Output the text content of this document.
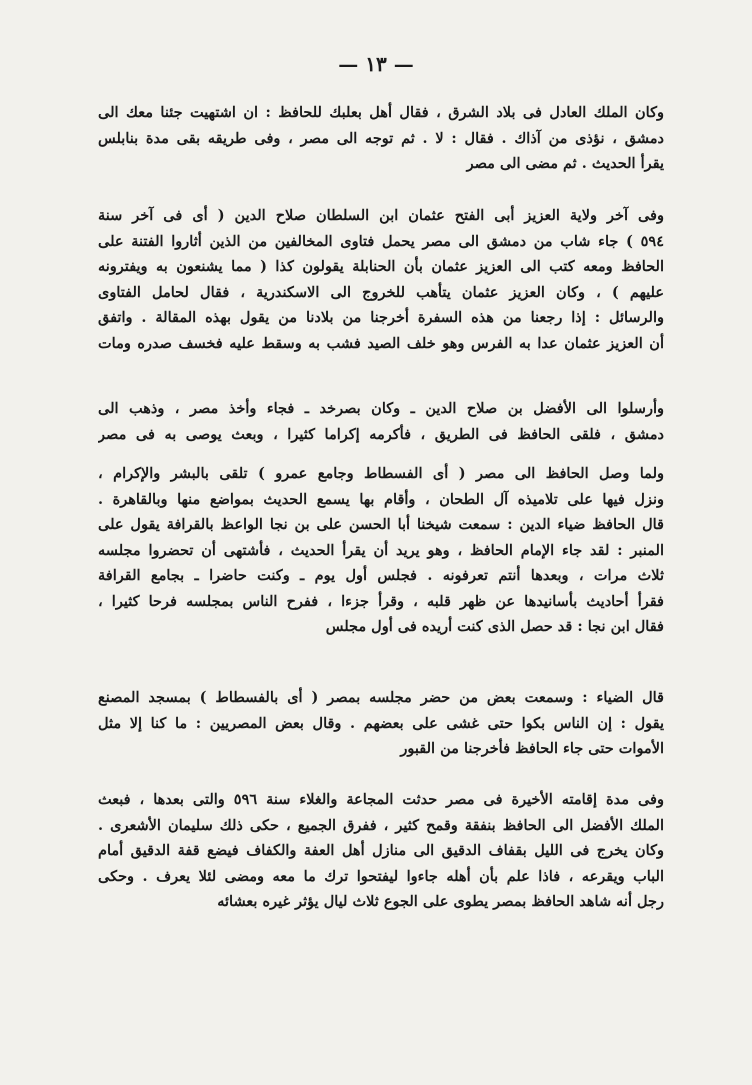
— ١٣ —
وكان الملك العادل فى بلاد الشرق ، فقال أهل بعلبك للحافظ : ان اشتهيت جئنا معك الى
دمشق ، نؤذى من آذاك . فقال : لا . ثم توجه الى مصر ، وفى طريقه بقى مدة بنابلس
يقرأ الحديث . ثم مضى الى مصر
وفى آخر ولاية العزيز أبى الفتح عثمان ابن السلطان صلاح الدين ( أى فى آخر سنة
٥٩٤ ) جاء شاب من دمشق الى مصر يحمل فتاوى المخالفين من الذين أثاروا الفتنة على
الحافظ ومعه كتب الى العزيز عثمان بأن الحنابلة يقولون كذا ( مما يشنعون به ويفترونه
عليهم ) ، وكان العزيز عثمان يتأهب للخروج الى الاسكندرية ، فقال لحامل الفتاوى
والرسائل : إذا رجعنا من هذه السفرة أخرجنا من بلادنا من يقول بهذه المقالة . واتفق
أن العزيز عثمان عدا به الفرس وهو خلف الصيد فشب به وسقط عليه فخسف صدره ومات
وأرسلوا الى الأفضل بن صلاح الدين ـ وكان بصرخد ـ فجاء وأخذ مصر ، وذهب الى
دمشق ، فلقى الحافظ فى الطريق ، فأكرمه إكراما كثيرا ، وبعث يوصى به فى مصر
ولما وصل الحافظ الى مصر ( أى الفسطاط وجامع عمرو ) تلقى بالبشر والإكرام ،
ونزل فيها على تلاميذه آل الطحان ، وأقام بها يسمع الحديث بمواضع منها وبالقاهرة .
قال الحافظ ضياء الدين : سمعت شيخنا أبا الحسن على بن نجا الواعظ بالقرافة يقول على
المنبر : لقد جاء الإمام الحافظ ، وهو يريد أن يقرأ الحديث ، فأشتهى أن تحضروا مجلسه
ثلاث مرات ، وبعدها أنتم تعرفونه . فجلس أول يوم ـ وكنت حاضرا ـ بجامع القرافة
فقرأ أحاديث بأسانيدها عن ظهر قلبه ، وقرأ جزءا ، ففرح الناس بمجلسه فرحا كثيرا ،
فقال ابن نجا : قد حصل الذى كنت أريده فى أول مجلس
قال الضياء : وسمعت بعض من حضر مجلسه بمصر ( أى بالفسطاط ) بمسجد المصنع
يقول : إن الناس بكوا حتى غشى على بعضهم . وقال بعض المصريين : ما كنا إلا مثل
الأموات حتى جاء الحافظ فأخرجنا من القبور
وفى مدة إقامته الأخيرة فى مصر حدثت المجاعة والغلاء سنة ٥٩٦ والتى بعدها ، فبعث
الملك الأفضل الى الحافظ بنفقة وقمح كثير ، ففرق الجميع ، حكى ذلك سليمان الأشعرى .
وكان يخرج فى الليل بقفاف الدقيق الى منازل أهل العفة والكفاف فيضع قفة الدقيق أمام
الباب ويقرعه ، فاذا علم بأن أهله جاءوا ليفتحوا ترك ما معه ومضى لئلا يعرف . وحكى
رجل أنه شاهد الحافظ بمصر يطوى على الجوع ثلاث ليال يؤثر غيره بعشائه
